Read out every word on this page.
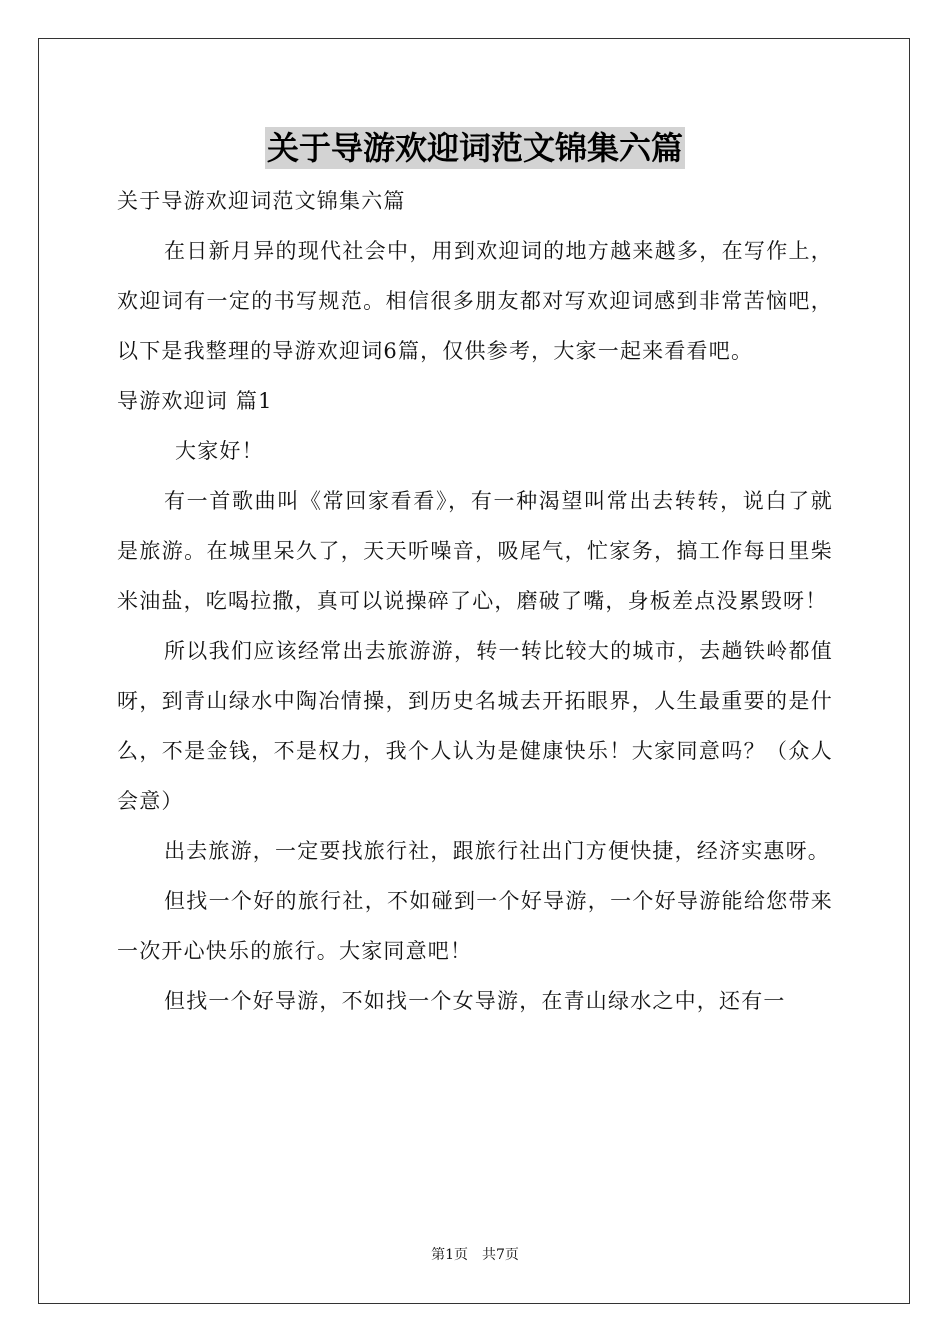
关于导游欢迎词范文锦集六篇

关于导游欢迎词范文锦集六篇

在日新月异的现代社会中，用到欢迎词的地方越来越多，在写作上，欢迎词有一定的书写规范。相信很多朋友都对写欢迎词感到非常苦恼吧，以下是我整理的导游欢迎词6篇，仅供参考，大家一起来看看吧。

导游欢迎词 篇1

大家好！

有一首歌曲叫《常回家看看》，有一种渴望叫常出去转转，说白了就是旅游。在城里呆久了，天天听噪音，吸尾气，忙家务，搞工作每日里柴米油盐，吃喝拉撒，真可以说操碎了心，磨破了嘴，身板差点没累毁呀！

所以我们应该经常出去旅游游，转一转比较大的城市，去趟铁岭都值呀，到青山绿水中陶冶情操，到历史名城去开拓眼界，人生最重要的是什么，不是金钱，不是权力，我个人认为是健康快乐！大家同意吗？（众人会意）

出去旅游，一定要找旅行社，跟旅行社出门方便快捷，经济实惠呀。

但找一个好的旅行社，不如碰到一个好导游，一个好导游能给您带来一次开心快乐的旅行。大家同意吧！

但找一个好导游，不如找一个女导游，在青山绿水之中，还有一

第1页 共7页
